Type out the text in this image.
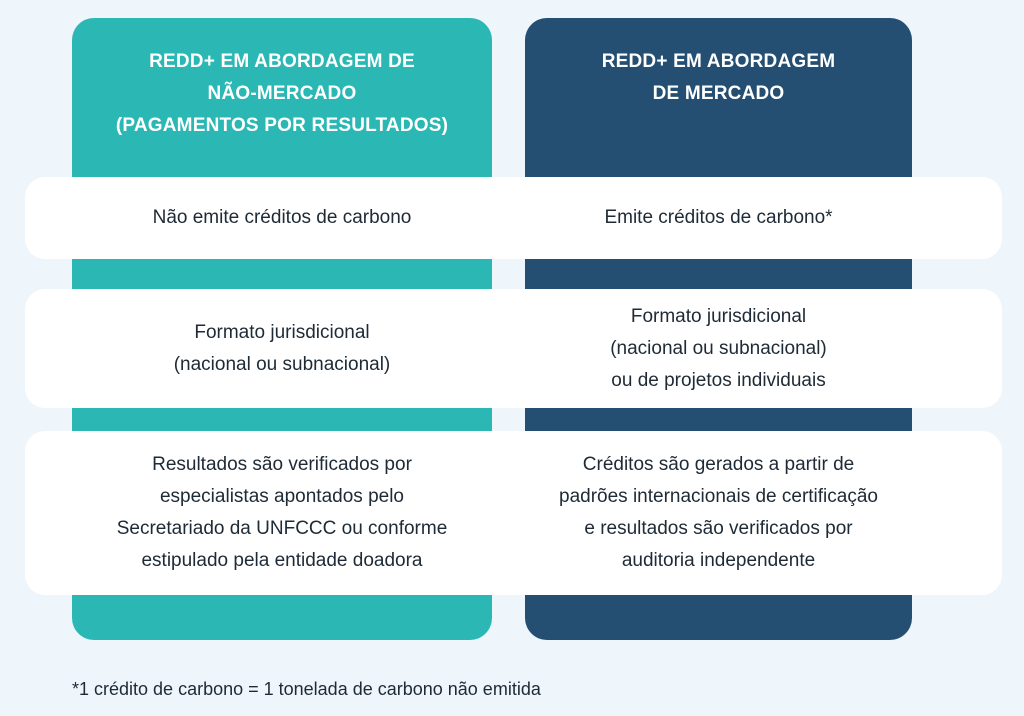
REDD+ EM ABORDAGEM DE
NÃO-MERCADO
(PAGAMENTOS POR RESULTADOS)
REDD+ EM ABORDAGEM
DE MERCADO
Não emite créditos de carbono	Emite créditos de carbono*
Formato jurisdicional
(nacional ou subnacional)
Formato jurisdicional
(nacional ou subnacional)
ou de projetos individuais
Resultados são verificados por
especialistas apontados pelo
Secretariado da UNFCCC ou conforme
estipulado pela entidade doadora
Créditos são gerados a partir de
padrões internacionais de certificação
e resultados são verificados por
auditoria independente
*1 crédito de carbono = 1 tonelada de carbono não emitida
